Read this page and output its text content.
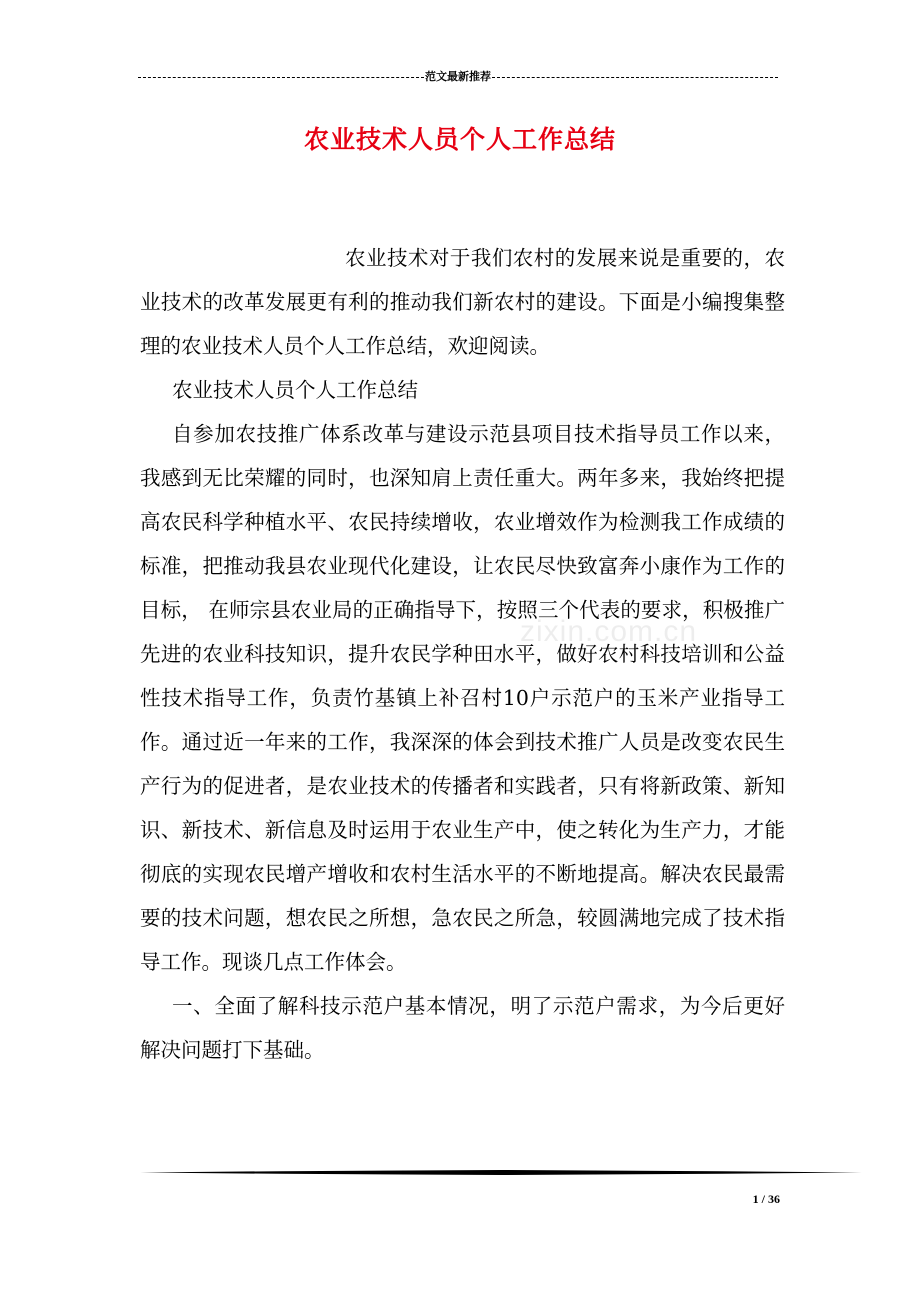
范文最新推荐
农业技术人员个人工作总结
zixin.com.cn

农业技术对于我们农村的发展来说是重要的，农业技术的改革发展更有利的推动我们新农村的建设。下面是小编搜集整理的农业技术人员个人工作总结，欢迎阅读。

农业技术人员个人工作总结

自参加农技推广体系改革与建设示范县项目技术指导员工作以来，我感到无比荣耀的同时，也深知肩上责任重大。两年多来，我始终把提高农民科学种植水平、农民持续增收，农业增效作为检测我工作成绩的标准，把推动我县农业现代化建设，让农民尽快致富奔小康作为工作的目标， 在师宗县农业局的正确指导下，按照三个代表的要求，积极推广先进的农业科技知识，提升农民学种田水平，做好农村科技培训和公益性技术指导工作，负责竹基镇上补召村10户示范户的玉米产业指导工作。通过近一年来的工作，我深深的体会到技术推广人员是改变农民生产行为的促进者，是农业技术的传播者和实践者，只有将新政策、新知识、新技术、新信息及时运用于农业生产中，使之转化为生产力，才能彻底的实现农民增产增收和农村生活水平的不断地提高。解决农民最需要的技术问题，想农民之所想，急农民之所急，较圆满地完成了技术指导工作。现谈几点工作体会。

一、全面了解科技示范户基本情况，明了示范户需求，为今后更好解决问题打下基础。

1 / 36
